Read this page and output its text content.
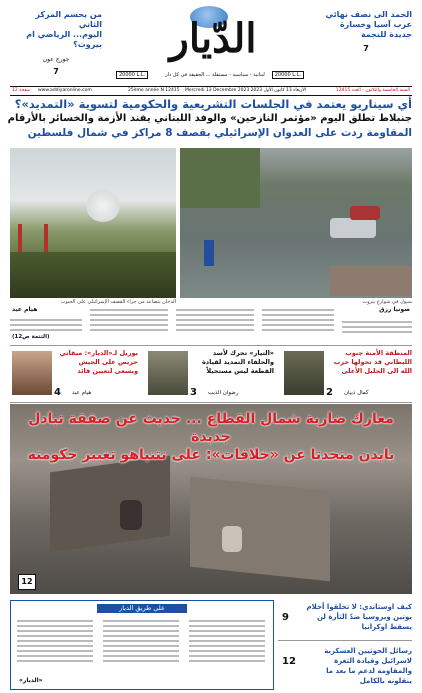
من يحسم المركز الثاني
اليوم... الرياضي ام بيروت؟
جورج عون
7
الدّيار
الحمد الى نصف نهائي
عرب آسيا وخسارة
جديدة للنجمة
7
20000 L.L.	لبنانية - سياسية - مستقلة ... الحقيقة في كل دار	20000 L.L.
12 صفحة www.addiyaronline.com	25ème année N 12415 Mercredi 13 Decembre 2023 الأربعاء 13 كانون الأول 2023	السنة الخامسة والثلاثون - العدد 12415
أي سيناريو يعتمد في الجلسات التشريعية والحكومية لتسوية «التمديد»؟
جنبلاط تطلق اليوم «مؤتمر النازحين» والوفد اللبناني يفند الأزمة والخسائر بالأرقام
المقاومة ردت على العدوان الإسرائيلي بقصف 8 مراكز في شمال فلسطين
الدخان يتصاعد من جراء القصف الإسرائيلي على الجنوب	سيول في شوارع بيروت
صونيا رزق
هيام عيد
(التتمة ص12)
بوريل لـ«الديار»: ميقاتي حريص على الجيش ويسعى لتعيين قائد
4 هيام عيد
«التيار» تحرك لأسد والحلفاء التمديد لقيادة القطعة ليس مستحيلاً
3 رضوان الذيب
المنطقة الأمنة جنوب الليطاني قد تحولها حرب الله الى الجليل الأعلى
2 كمال ذبيان
معارك ضارية شمال القطاع ... حديث عن صفقة تبادل جديدة
بايدن متحدثا عن «خلافات»: على نتنياهو تغيير حكومته
12
على طريق الديار
«الديار»
كيف اوستاندي: لا تخلقوا أحلام يوتين ويروسيا ضدّ الثأرة لن يسقط اوكرانيا
9
رسائل الحوثيين العسكرية لاسرائيل وقيادة الثغرة والمقاومة لدعم ما بعد ما ينقلونه بالكامل
12
